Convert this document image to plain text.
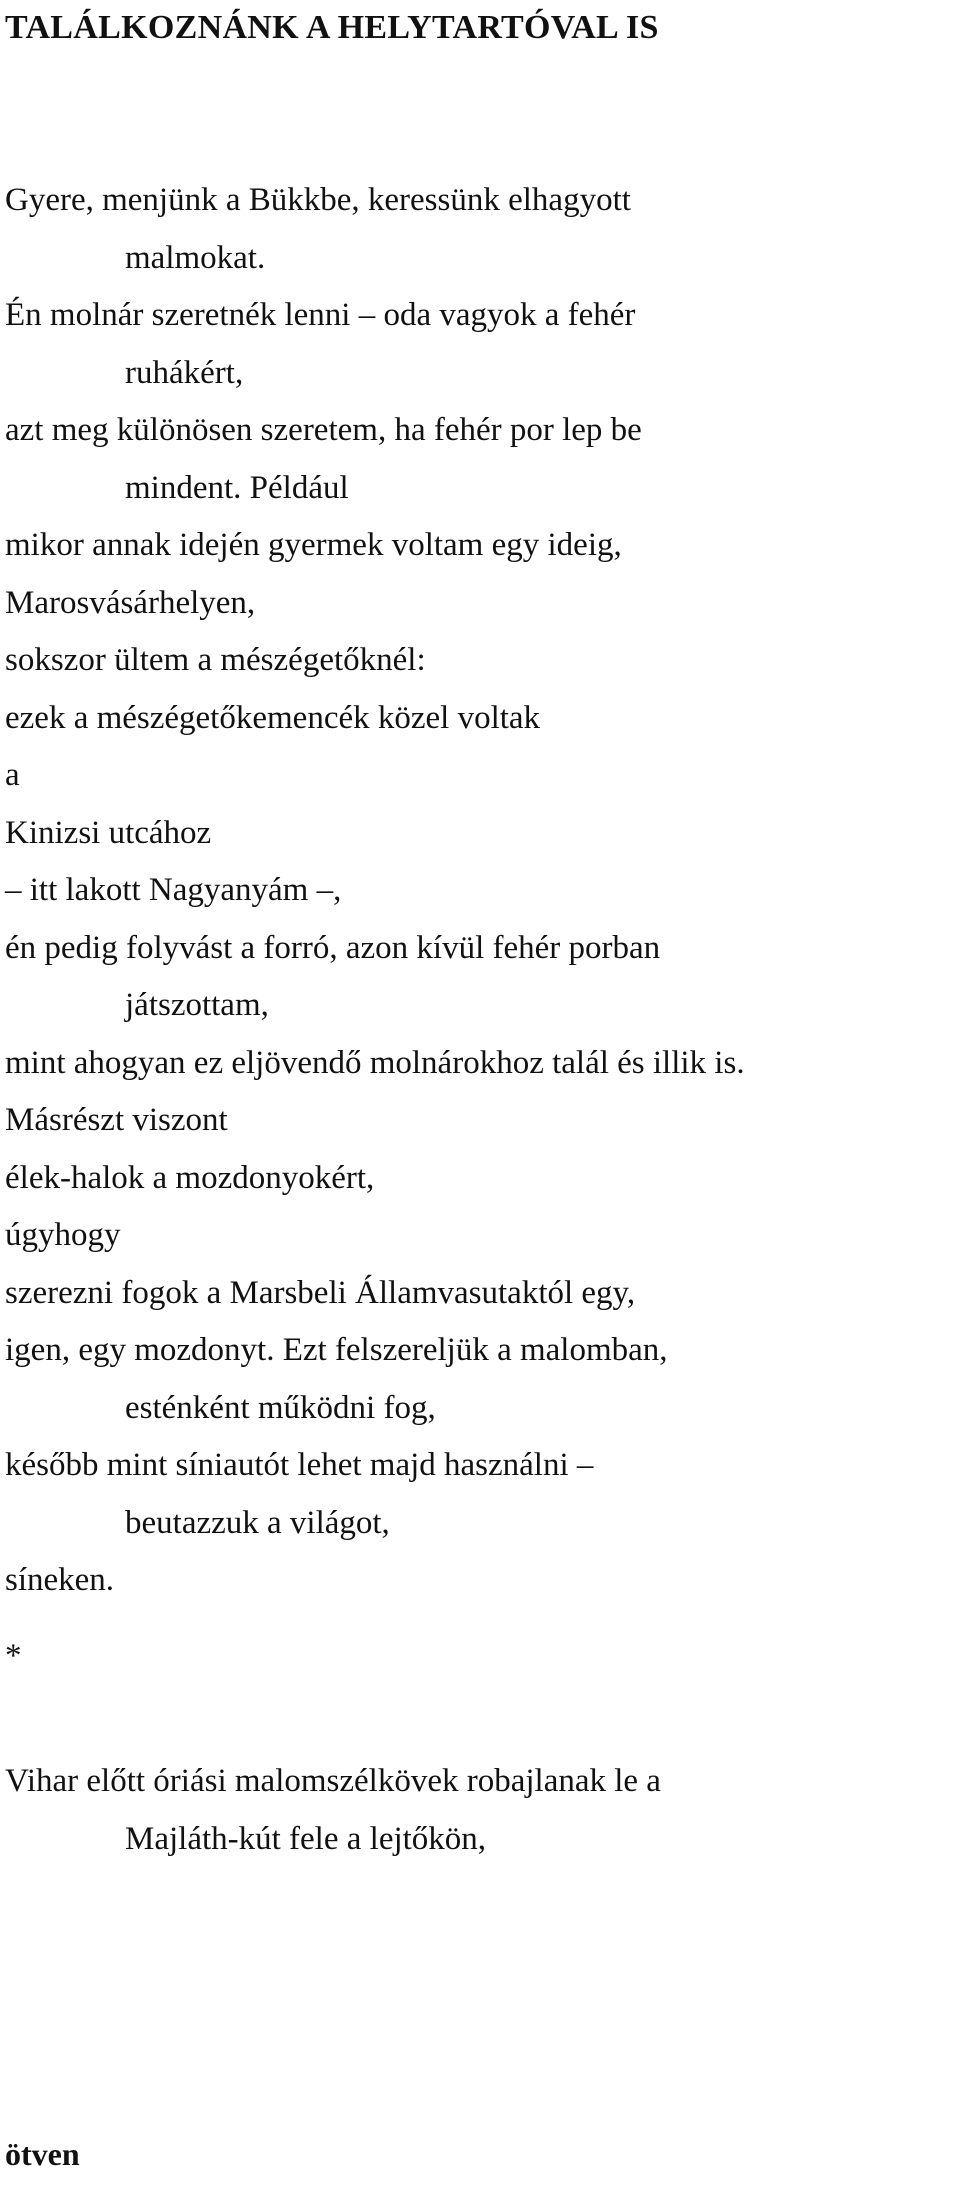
TALÁLKOZNÁNK A HELYTARTÓVAL IS
Gyere, menjünk a Bükkbe, keressünk elhagyott
malmokat.
Én molnár szeretnék lenni – oda vagyok a fehér
ruhákért,
azt meg különösen szeretem, ha fehér por lep be
mindent. Például
mikor annak idején gyermek voltam egy ideig,
Marosvásárhelyen,
sokszor ültem a mészégetőknél:
ezek a mészégetőkemencék közel voltak
a
Kinizsi utcához
– itt lakott Nagyanyám –,
én pedig folyvást a forró, azon kívül fehér porban
játszottam,
mint ahogyan ez eljövendő molnárokhoz talál és illik is.
Másrészt viszont
élek-halok a mozdonyokért,
úgyhogy
szerezni fogok a Marsbeli Államvasutaktól egy,
igen, egy mozdonyt. Ezt felszereljük a malomban,
esténként működni fog,
később mint síniautót lehet majd használni –
beutazzuk a világot,
síneken.
*
Vihar előtt óriási malomszélkövek robajlanak le a
Majláth-kút fele a lejtőkön,
ötven
